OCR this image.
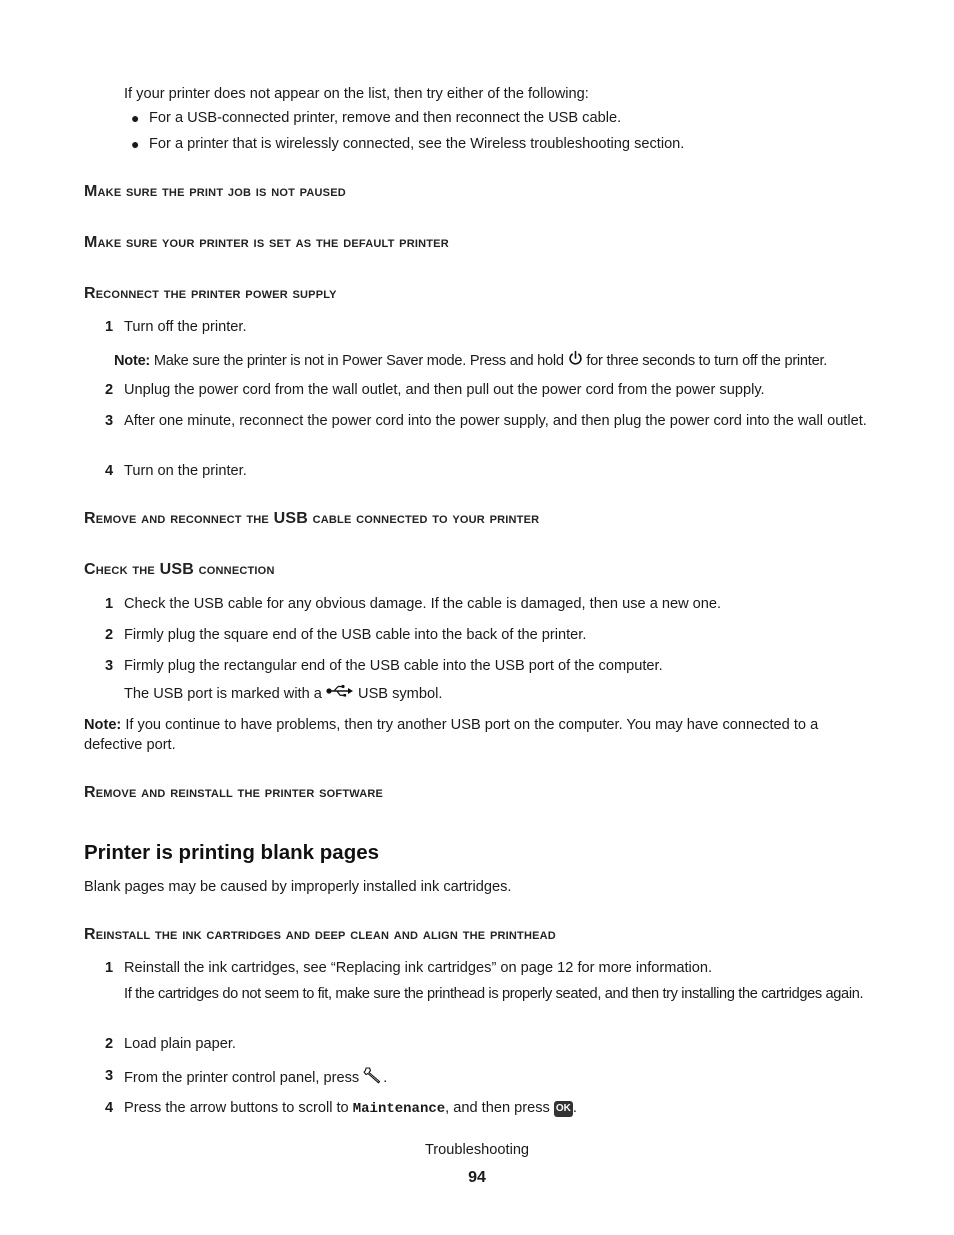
If your printer does not appear on the list, then try either of the following:
● For a USB-connected printer, remove and then reconnect the USB cable.
● For a printer that is wirelessly connected, see the Wireless troubleshooting section.
Make sure the print job is not paused
Make sure your printer is set as the default printer
Reconnect the printer power supply
1 Turn off the printer.
Note: Make sure the printer is not in Power Saver mode. Press and hold for three seconds to turn off the printer.
2 Unplug the power cord from the wall outlet, and then pull out the power cord from the power supply.
3 After one minute, reconnect the power cord into the power supply, and then plug the power cord into the wall outlet.
4 Turn on the printer.
Remove and reconnect the USB cable connected to your printer
Check the USB connection
1 Check the USB cable for any obvious damage. If the cable is damaged, then use a new one.
2 Firmly plug the square end of the USB cable into the back of the printer.
3 Firmly plug the rectangular end of the USB cable into the USB port of the computer.
The USB port is marked with a USB symbol.
Note: If you continue to have problems, then try another USB port on the computer. You may have connected to a defective port.
Remove and reinstall the printer software
Printer is printing blank pages
Blank pages may be caused by improperly installed ink cartridges.
Reinstall the ink cartridges and deep clean and align the printhead
1 Reinstall the ink cartridges, see “Replacing ink cartridges” on page 12 for more information.
If the cartridges do not seem to fit, make sure the printhead is properly seated, and then try installing the cartridges again.
2 Load plain paper.
3 From the printer control panel, press .
4 Press the arrow buttons to scroll to Maintenance, and then press OK .
Troubleshooting
94
